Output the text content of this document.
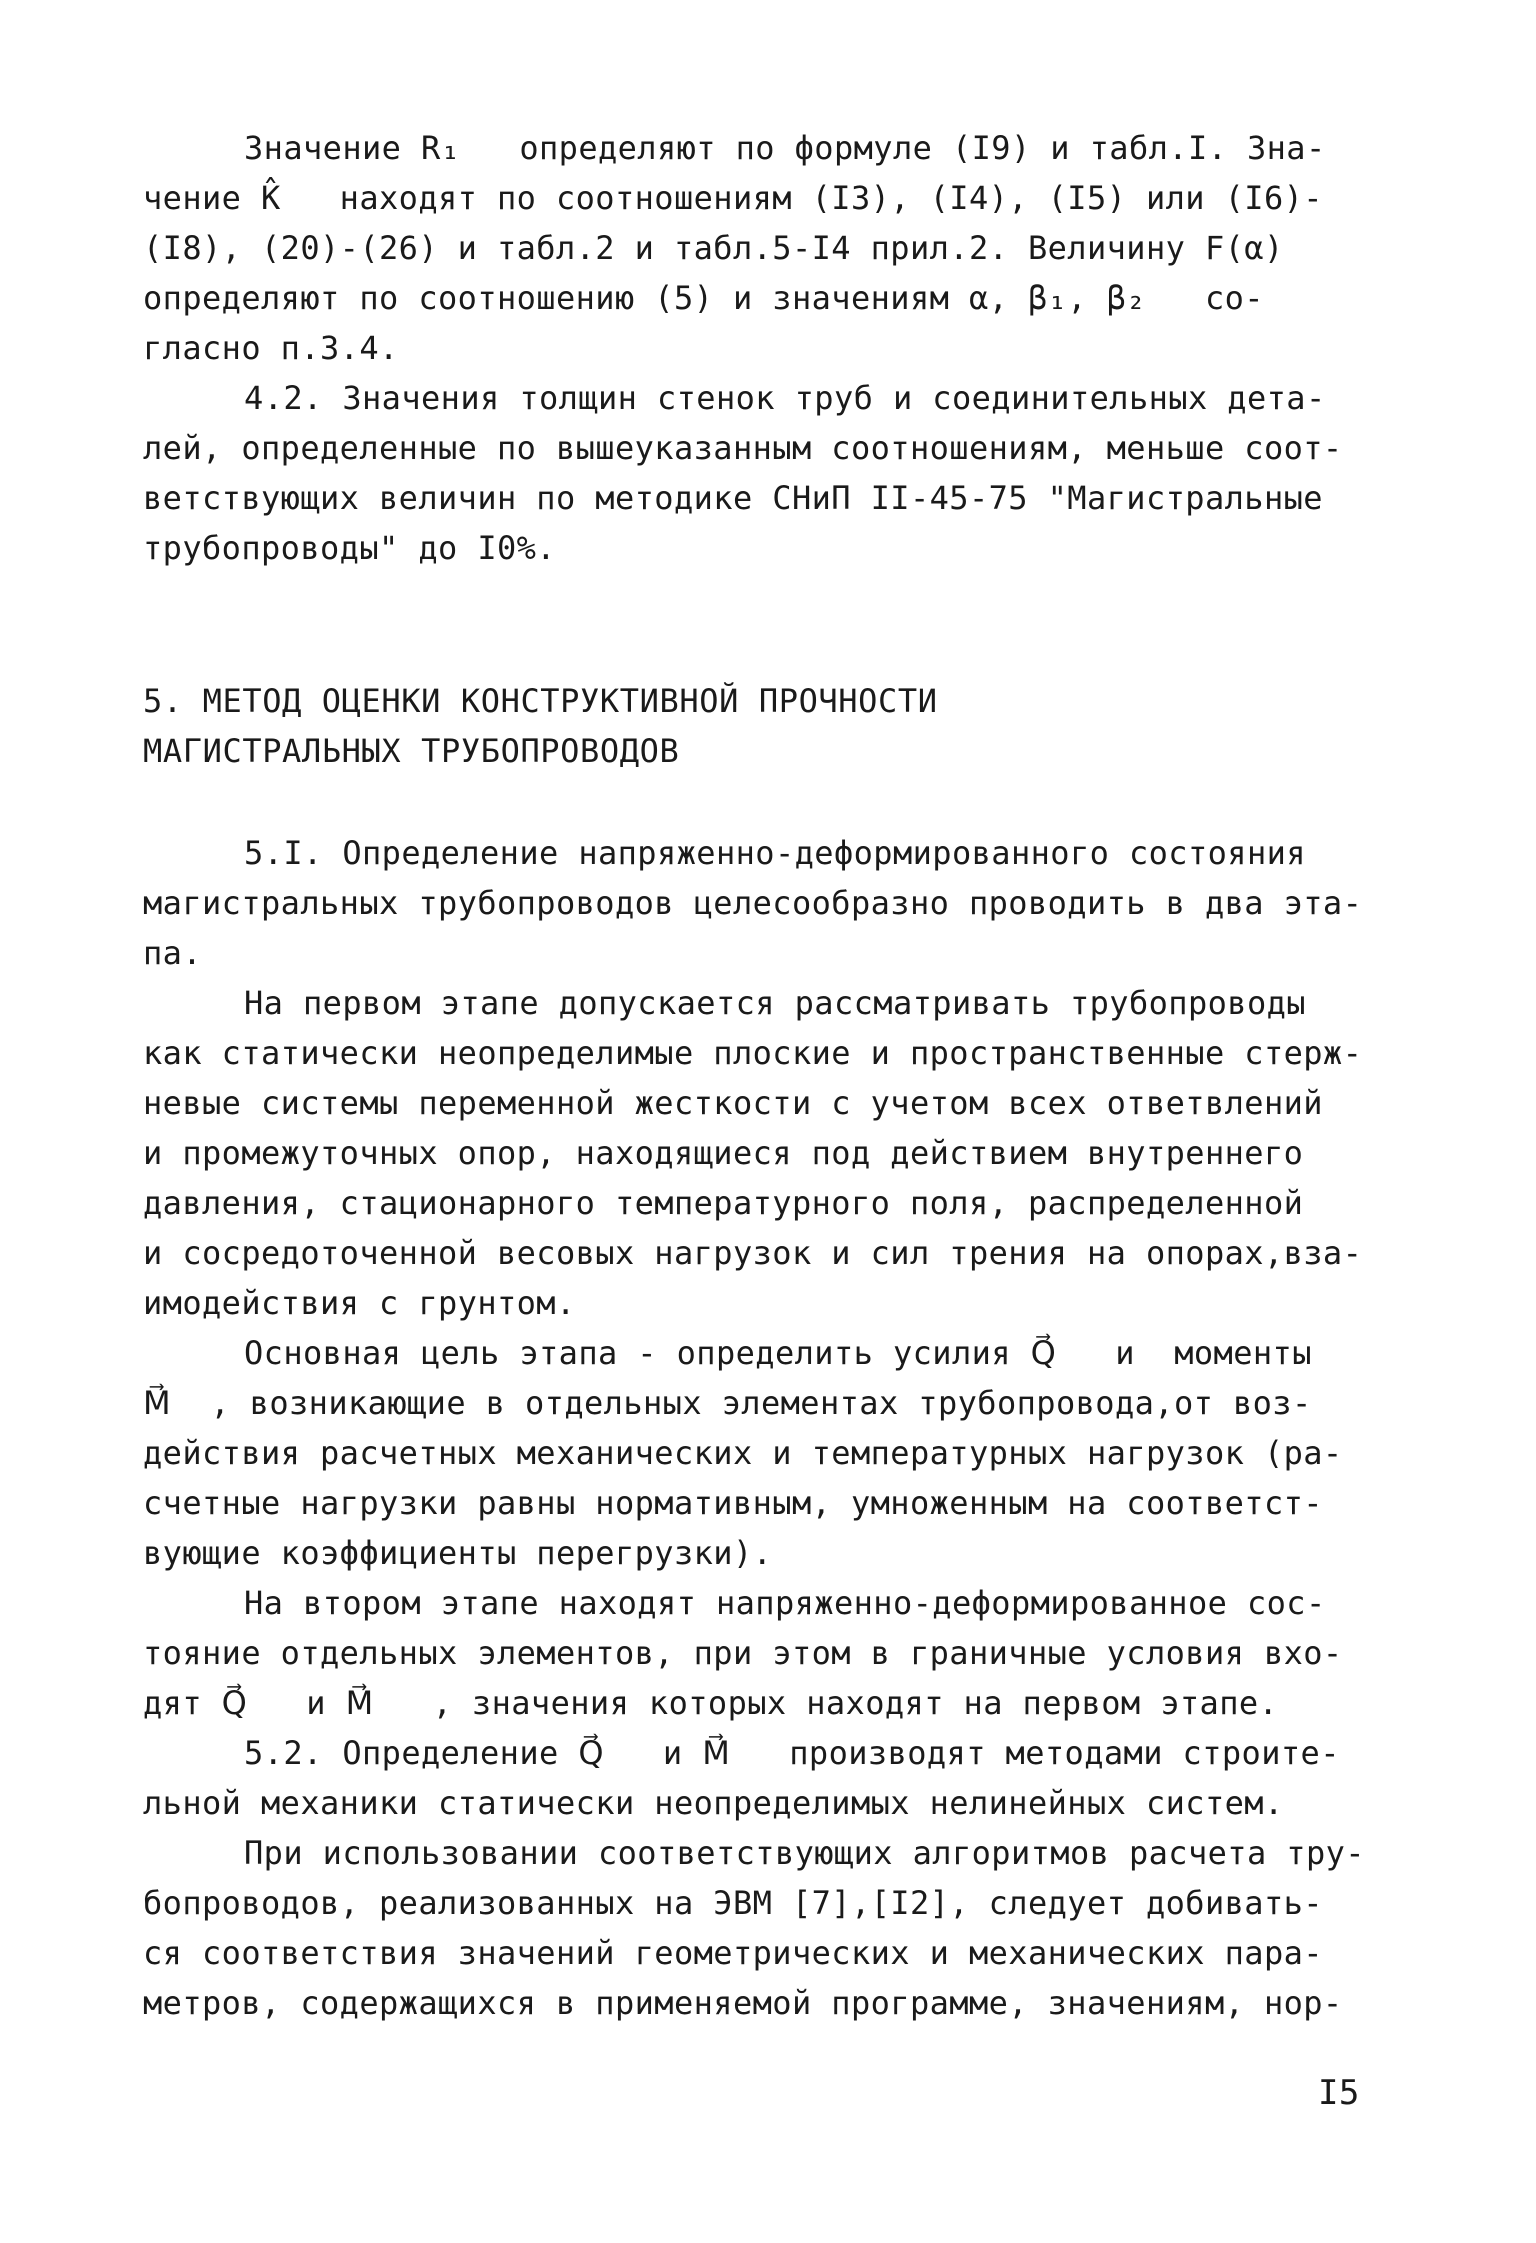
Значение R₁   определяют по формуле (I9) и табл.I. Зна-
чение K̂   находят по соотношениям (I3), (I4), (I5) или (I6)-
(I8), (20)-(26) и табл.2 и табл.5-I4 прил.2. Величину F(α)
определяют по соотношению (5) и значениям α, β₁, β₂   со-
гласно п.3.4.
4.2. Значения толщин стенок труб и соединительных дета-
лей, определенные по вышеуказанным соотношениям, меньше соот-
ветствующих величин по методике СНиП II-45-75 "Магистральные
трубопроводы" до I0%.
5. МЕТОД ОЦЕНКИ КОНСТРУКТИВНОЙ ПРОЧНОСТИ
МАГИСТРАЛЬНЫХ ТРУБОПРОВОДОВ
5.I. Определение напряженно-деформированного состояния
магистральных трубопроводов целесообразно проводить в два эта-
па.
На первом этапе допускается рассматривать трубопроводы
как статически неопределимые плоские и пространственные стерж-
невые системы переменной жесткости с учетом всех ответвлений
и промежуточных опор, находящиеся под действием внутреннего
давления, стационарного температурного поля, распределенной
и сосредоточенной весовых нагрузок и сил трения на опорах,вза-
имодействия с грунтом.
Основная цель этапа - определить усилия Q⃗   и  моменты
M⃗  , возникающие в отдельных элементах трубопровода,от воз-
действия расчетных механических и температурных нагрузок (ра-
счетные нагрузки равны нормативным, умноженным на соответст-
вующие коэффициенты перегрузки).
На втором этапе находят напряженно-деформированное сос-
тояние отдельных элементов, при этом в граничные условия вхо-
дят Q⃗   и M⃗   , значения которых находят на первом этапе.
5.2. Определение Q⃗   и M⃗   производят методами строите-
льной механики статически неопределимых нелинейных систем.
При использовании соответствующих алгоритмов расчета тру-
бопроводов, реализованных на ЭВМ [7],[I2], следует добивать-
ся соответствия значений геометрических и механических пара-
метров, содержащихся в применяемой программе, значениям, нор-
I5
